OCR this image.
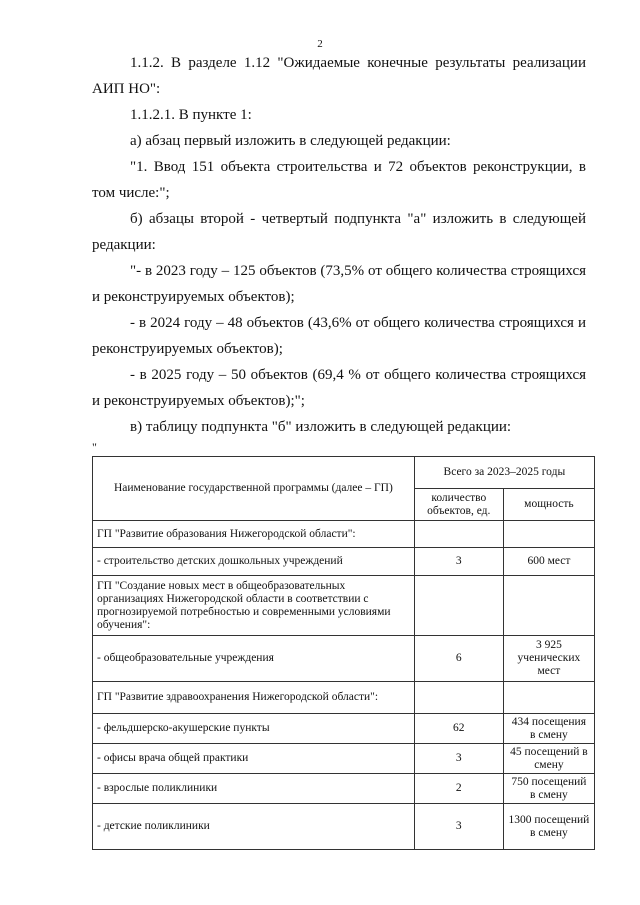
2
1.1.2. В разделе 1.12 "Ожидаемые конечные результаты реализации АИП НО":
1.1.2.1. В пункте 1:
а) абзац первый изложить в следующей редакции:
"1. Ввод 151 объекта строительства и 72 объектов реконструкции, в том числе:";
б) абзацы второй - четвертый подпункта "а" изложить в следующей редакции:
"- в 2023 году – 125 объектов (73,5% от общего количества строящихся и реконструируемых объектов);
- в 2024 году – 48 объектов (43,6% от общего количества строящихся и реконструируемых объектов);
- в 2025 году – 50 объектов (69,4 % от общего количества строящихся и реконструируемых объектов);";
в) таблицу подпункта "б" изложить в следующей редакции:
"
Наименование государственной программы (далее – ГП)	Всего за 2023–2025 годы	
	количество объектов, ед.	мощность
ГП "Развитие образования Нижегородской области":		
- строительство детских дошкольных учреждений	3	600 мест
ГП "Создание новых мест в общеобразовательных организациях Нижегородской области в соответствии с прогнозируемой потребностью и современными условиями обучения":		
- общеобразовательные учреждения	6	3 925 ученических мест
ГП "Развитие здравоохранения Нижегородской области":		
- фельдшерско-акушерские пункты	62	434 посещения в смену
- офисы врача общей практики	3	45 посещений в смену
- взрослые поликлиники	2	750 посещений в смену
- детские поликлиники	3	1300 посещений в смену
